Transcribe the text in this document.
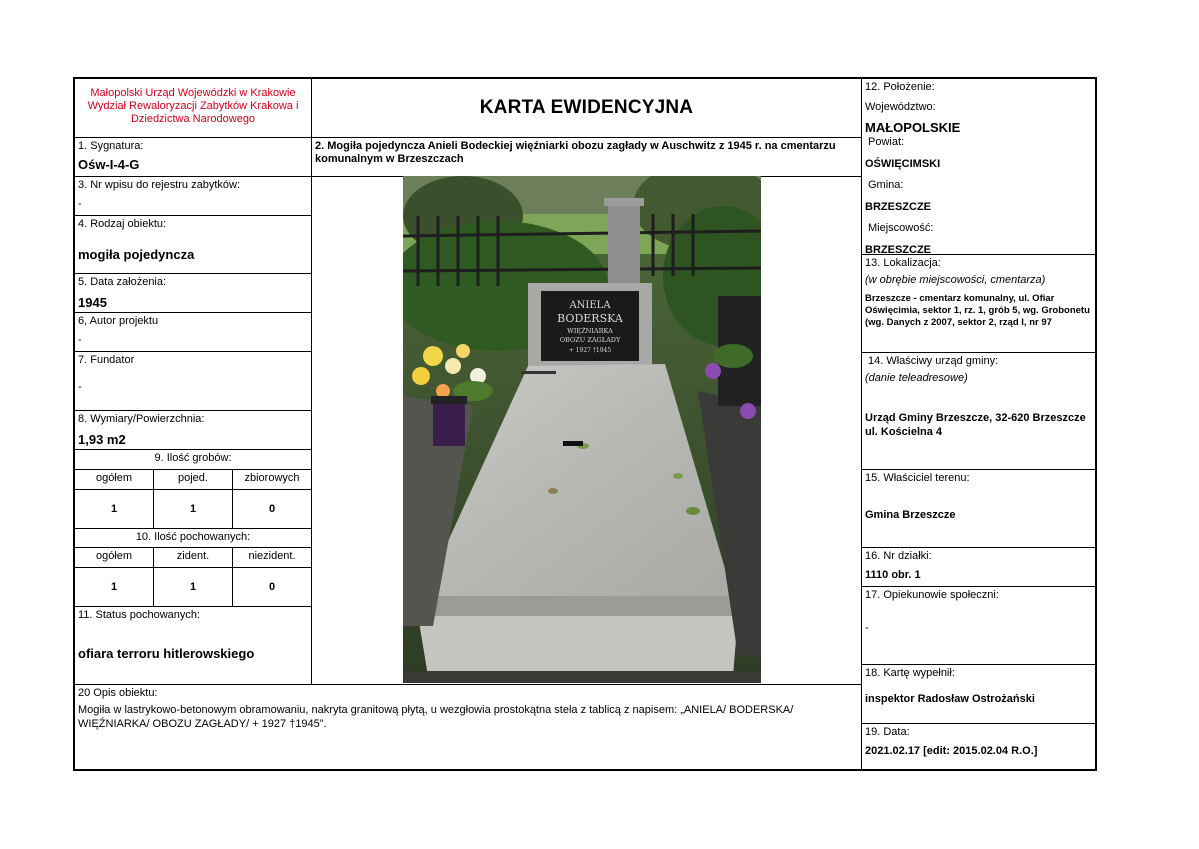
Małopolski Urząd Wojewódzki w Krakowie
Wydział Rewaloryzacji Zabytków Krakowa i
Dziedzictwa Narodowego
1. Sygnatura:
Ośw-I-4-G
3. Nr wpisu do rejestru zabytków:
-
4. Rodzaj obiektu:
mogiła pojedyncza
5. Data założenia:
1945
6, Autor projektu
-
7. Fundator
-
8. Wymiary/Powierzchnia:
1,93 m2
9. Ilość grobów:
ogółem	pojed.	zbiorowych
1	1	0
10. Ilość pochowanych:
ogółem	zident.	niezident.
1	1	0
11. Status pochowanych:
ofiara terroru hitlerowskiego
KARTA EWIDENCYJNA
2. Mogiła pojedyncza Anieli Bodeckiej więźniarki obozu zagłady w Auschwitz z 1945 r. na cmentarzu komunalnym w Brzeszczach
20 Opis obiektu:
Mogiła w lastrykowo-betonowym obramowaniu, nakryta granitową płytą, u wezgłowia prostokątna stela z tablicą z napisem: „ANIELA/ BODERSKA/ WIĘŹNIARKA/ OBOZU ZAGŁADY/ + 1927 †1945”.
12. Położenie:
Województwo:
MAŁOPOLSKIE
Powiat:
OŚWIĘCIMSKI
Gmina:
BRZESZCZE
Miejscowość:
BRZESZCZE
13. Lokalizacja:
(w obrębie miejscowości, cmentarza)
Brzeszcze - cmentarz komunalny, ul. Ofiar Oświęcimia, sektor 1, rz. 1, grób 5, wg. Grobonetu (wg. Danych z 2007, sektor 2, rząd I, nr 97
14. Właściwy urząd gminy:
(danie teleadresowe)
Urząd Gminy Brzeszcze, 32-620 Brzeszcze ul. Kościelna 4
15. Właściciel terenu:
Gmina Brzeszcze
16. Nr działki:
1110 obr. 1
17. Opiekunowie społeczni:
-
18. Kartę wypełnił:
inspektor Radosław Ostrożański
19. Data:
2021.02.17 [edit: 2015.02.04 R.O.]
ANIELA
BODERSKA
WIĘŹNIARKA
OBOZU ZAGŁADY
+ 1927 †1945
